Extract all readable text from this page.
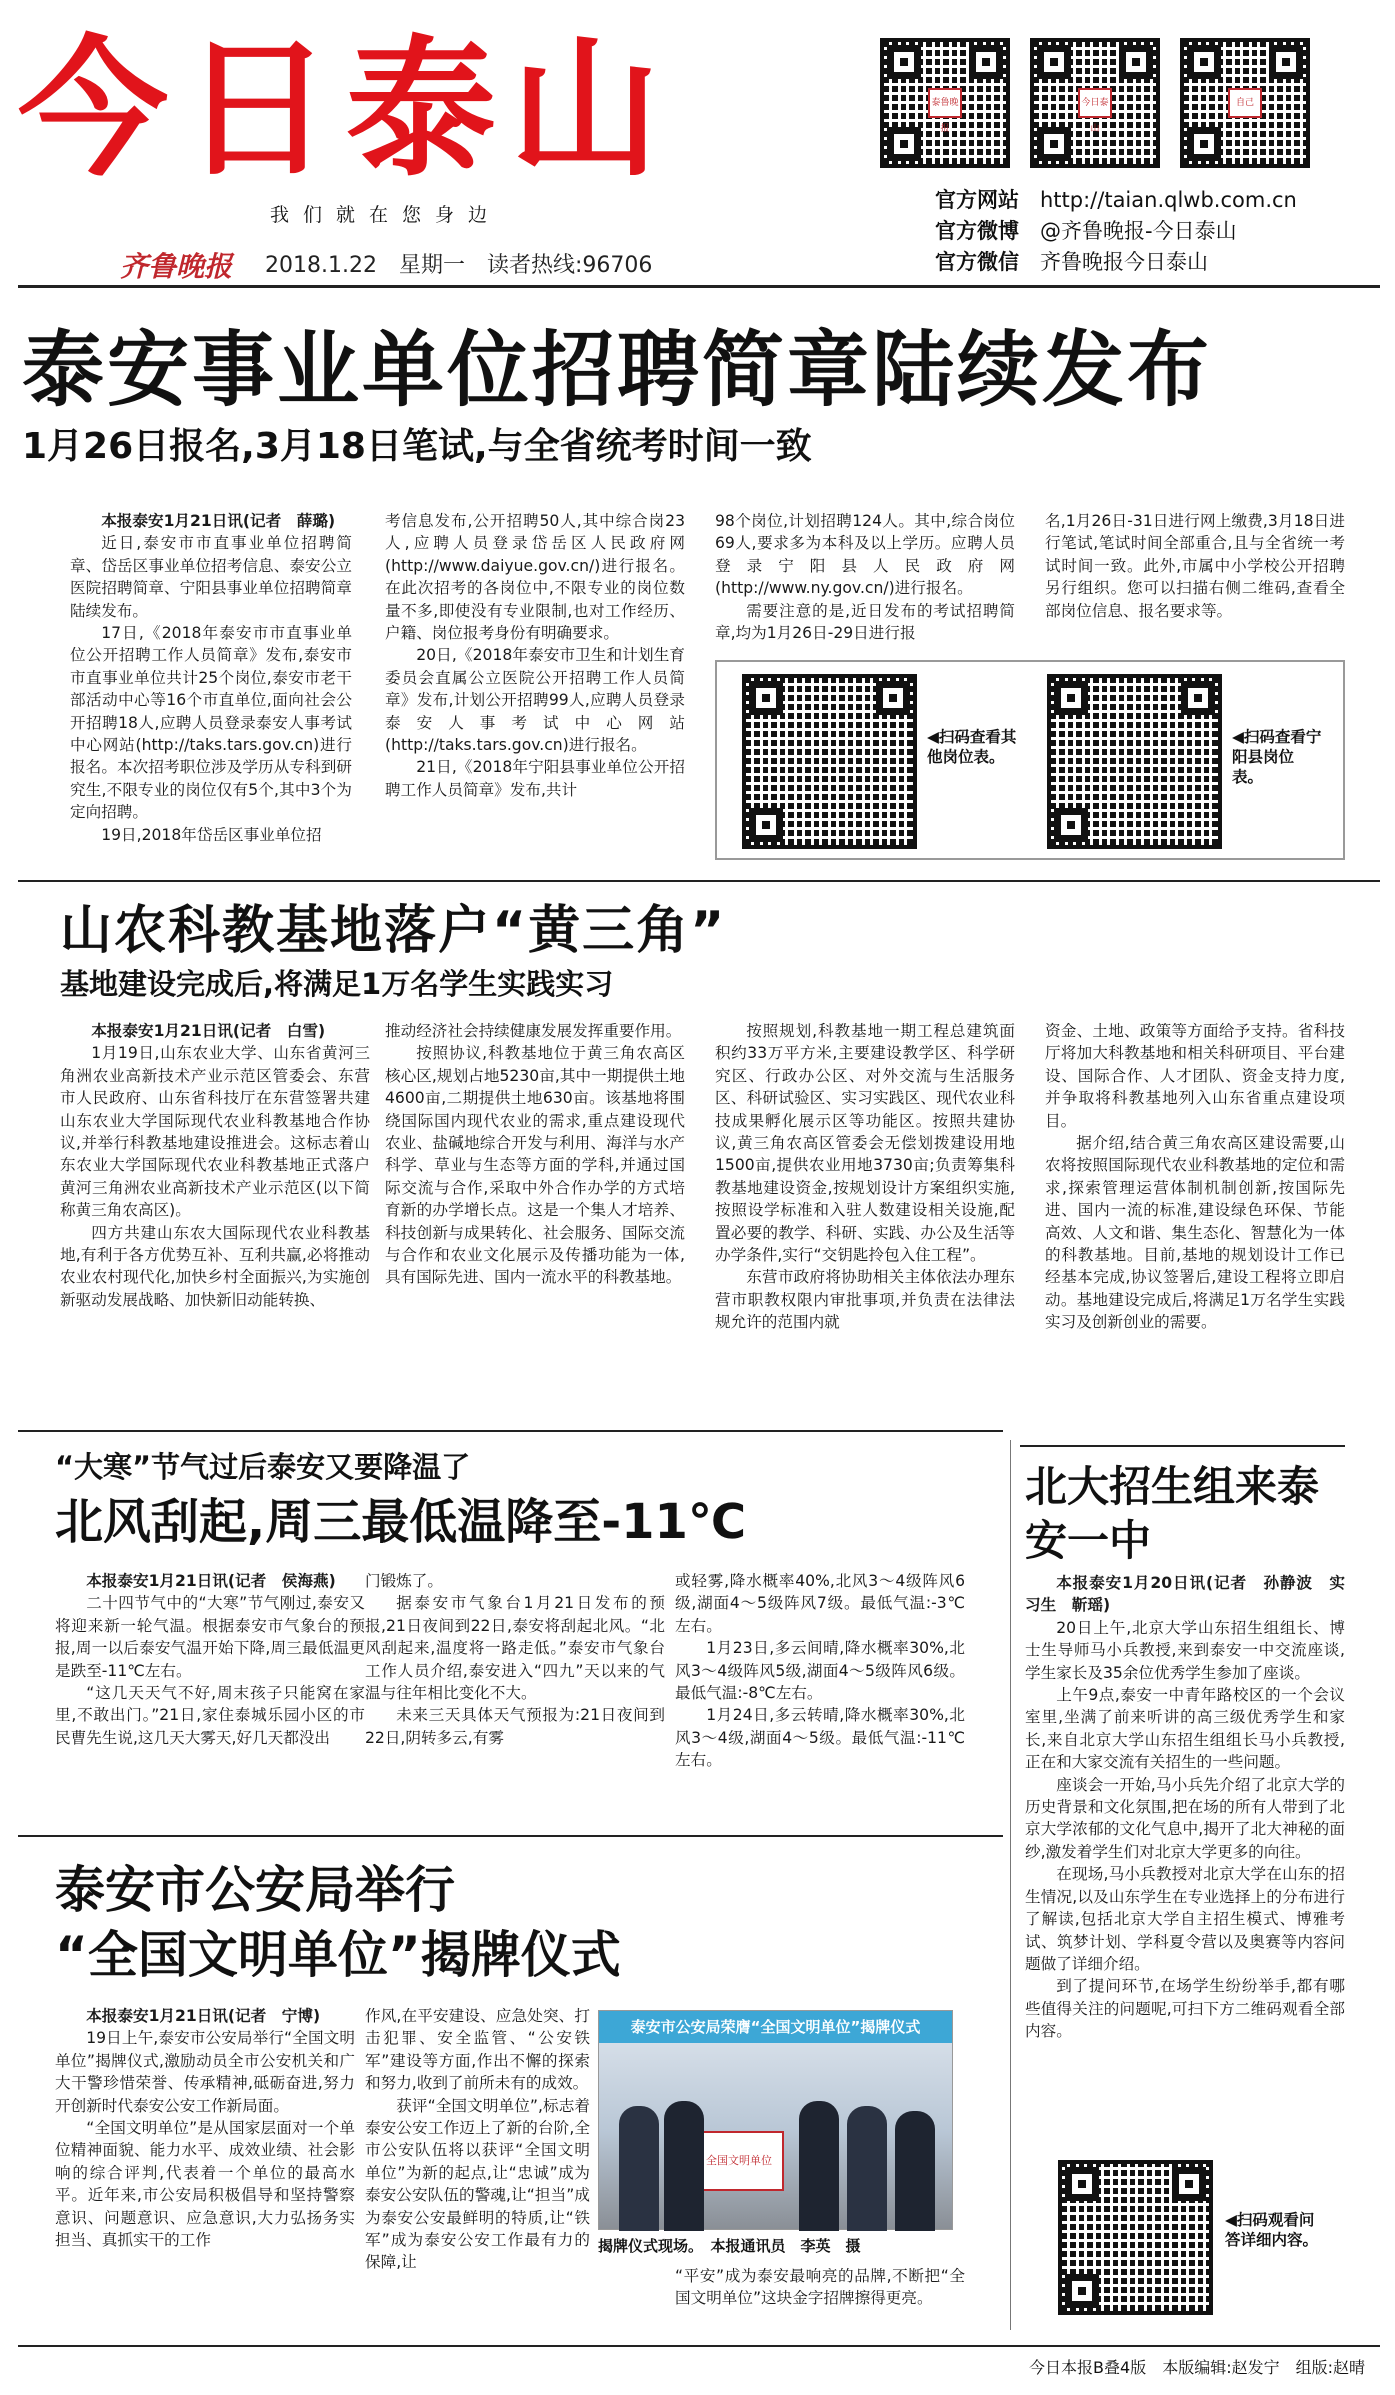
今日泰山
我们就在您身边
齐鲁晚报 2018.1.22　星期一　读者热线:96706
泰鲁晚报
今日泰山
自己
官方网站 http://taian.qlwb.com.cn
官方微博 @齐鲁晚报-今日泰山
官方微信 齐鲁晚报今日泰山
泰安事业单位招聘简章陆续发布
1月26日报名,3月18日笔试,与全省统考时间一致

本报泰安1月21日讯(记者　薛璐)

近日,泰安市市直事业单位招聘简章、岱岳区事业单位招考信息、泰安公立医院招聘简章、宁阳县事业单位招聘简章陆续发布。

17日,《2018年泰安市市直事业单位公开招聘工作人员简章》发布,泰安市市直事业单位共计25个岗位,泰安市老干部活动中心等16个市直单位,面向社会公开招聘18人,应聘人员登录泰安人事考试中心网站(http://taks.tars.gov.cn)进行报名。本次招考职位涉及学历从专科到研究生,不限专业的岗位仅有5个,其中3个为定向招聘。

19日,2018年岱岳区事业单位招

考信息发布,公开招聘50人,其中综合岗23人,应聘人员登录岱岳区人民政府网(http://www.daiyue.gov.cn/)进行报名。在此次招考的各岗位中,不限专业的岗位数量不多,即使没有专业限制,也对工作经历、户籍、岗位报考身份有明确要求。

20日,《2018年泰安市卫生和计划生育委员会直属公立医院公开招聘工作人员简章》发布,计划公开招聘99人,应聘人员登录泰安人事考试中心网站(http://taks.tars.gov.cn)进行报名。

21日,《2018年宁阳县事业单位公开招聘工作人员简章》发布,共计

98个岗位,计划招聘124人。其中,综合岗位69人,要求多为本科及以上学历。应聘人员登录宁阳县人民政府网(http://www.ny.gov.cn/)进行报名。

需要注意的是,近日发布的考试招聘简章,均为1月26日-29日进行报

名,1月26日-31日进行网上缴费,3月18日进行笔试,笔试时间全部重合,且与全省统一考试时间一致。此外,市属中小学校公开招聘另行组织。您可以扫描右侧二维码,查看全部岗位信息、报名要求等。

◀扫码查看其他岗位表。
◀扫码查看宁阳县岗位表。
山农科教基地落户“黄三角”
基地建设完成后,将满足1万名学生实践实习

本报泰安1月21日讯(记者　白雪)

1月19日,山东农业大学、山东省黄河三角洲农业高新技术产业示范区管委会、东营市人民政府、山东省科技厅在东营签署共建山东农业大学国际现代农业科教基地合作协议,并举行科教基地建设推进会。这标志着山东农业大学国际现代农业科教基地正式落户黄河三角洲农业高新技术产业示范区(以下简称黄三角农高区)。

四方共建山东农大国际现代农业科教基地,有利于各方优势互补、互利共赢,必将推动农业农村现代化,加快乡村全面振兴,为实施创新驱动发展战略、加快新旧动能转换、

推动经济社会持续健康发展发挥重要作用。

按照协议,科教基地位于黄三角农高区核心区,规划占地5230亩,其中一期提供土地4600亩,二期提供土地630亩。该基地将围绕国际国内现代农业的需求,重点建设现代农业、盐碱地综合开发与利用、海洋与水产科学、草业与生态等方面的学科,并通过国际交流与合作,采取中外合作办学的方式培育新的办学增长点。这是一个集人才培养、科技创新与成果转化、社会服务、国际交流与合作和农业文化展示及传播功能为一体,具有国际先进、国内一流水平的科教基地。

按照规划,科教基地一期工程总建筑面积约33万平方米,主要建设教学区、科学研究区、行政办公区、对外交流与生活服务区、科研试验区、实习实践区、现代农业科技成果孵化展示区等功能区。按照共建协议,黄三角农高区管委会无偿划拨建设用地1500亩,提供农业用地3730亩;负责筹集科教基地建设资金,按规划设计方案组织实施,按照设学标准和入驻人数建设相关设施,配置必要的教学、科研、实践、办公及生活等办学条件,实行“交钥匙拎包入住工程”。

东营市政府将协助相关主体依法办理东营市职教权限内审批事项,并负责在法律法规允许的范围内就

资金、土地、政策等方面给予支持。省科技厅将加大科教基地和相关科研项目、平台建设、国际合作、人才团队、资金支持力度,并争取将科教基地列入山东省重点建设项目。

据介绍,结合黄三角农高区建设需要,山农将按照国际现代农业科教基地的定位和需求,探索管理运营体制机制创新,按国际先进、国内一流的标准,建设绿色环保、节能高效、人文和谐、集生态化、智慧化为一体的科教基地。目前,基地的规划设计工作已经基本完成,协议签署后,建设工程将立即启动。基地建设完成后,将满足1万名学生实践实习及创新创业的需要。

“大寒”节气过后泰安又要降温了
北风刮起,周三最低温降至-11℃

本报泰安1月21日讯(记者　侯海燕)

二十四节气中的“大寒”节气刚过,泰安又将迎来新一轮气温。根据泰安市气象台的预报,周一以后泰安气温开始下降,周三最低温更是跌至-11℃左右。

“这几天天气不好,周末孩子只能窝在家里,不敢出门。”21日,家住泰城乐园小区的市民曹先生说,这几天大雾天,好几天都没出

门锻炼了。

据泰安市气象台1月21日发布的预报,21日夜间到22日,泰安将刮起北风。“北风刮起来,温度将一路走低。”泰安市气象台工作人员介绍,泰安进入“四九”天以来的气温与往年相比变化不大。

未来三天具体天气预报为:21日夜间到22日,阴转多云,有雾

或轻雾,降水概率40%,北风3～4级阵风6级,湖面4～5级阵风7级。最低气温:-3℃左右。

1月23日,多云间晴,降水概率30%,北风3～4级阵风5级,湖面4～5级阵风6级。最低气温:-8℃左右。

1月24日,多云转晴,降水概率30%,北风3～4级,湖面4～5级。最低气温:-11℃左右。

北大招生组来泰安一中

本报泰安1月20日讯(记者　孙静波　实习生　靳瑶)

20日上午,北京大学山东招生组组长、博士生导师马小兵教授,来到泰安一中交流座谈,学生家长及35余位优秀学生参加了座谈。

上午9点,泰安一中青年路校区的一个会议室里,坐满了前来听讲的高三级优秀学生和家长,来自北京大学山东招生组组长马小兵教授,正在和大家交流有关招生的一些问题。

座谈会一开始,马小兵先介绍了北京大学的历史背景和文化氛围,把在场的所有人带到了北京大学浓郁的文化气息中,揭开了北大神秘的面纱,激发着学生们对北京大学更多的向往。

在现场,马小兵教授对北京大学在山东的招生情况,以及山东学生在专业选择上的分布进行了解读,包括北京大学自主招生模式、博雅考试、筑梦计划、学科夏令营以及奥赛等内容问题做了详细介绍。

到了提问环节,在场学生纷纷举手,都有哪些值得关注的问题呢,可扫下方二维码观看全部内容。

◀扫码观看问答详细内容。
泰安市公安局举行
“全国文明单位”揭牌仪式

本报泰安1月21日讯(记者　宁博)

19日上午,泰安市公安局举行“全国文明单位”揭牌仪式,激励动员全市公安机关和广大干警珍惜荣誉、传承精神,砥砺奋进,努力开创新时代泰安公安工作新局面。

“全国文明单位”是从国家层面对一个单位精神面貌、能力水平、成效业绩、社会影响的综合评判,代表着一个单位的最高水平。近年来,市公安局积极倡导和坚持警察意识、问题意识、应急意识,大力弘扬务实担当、真抓实干的工作

作风,在平安建设、应急处突、打击犯罪、安全监管、“公安铁军”建设等方面,作出不懈的探索和努力,收到了前所未有的成效。

获评“全国文明单位”,标志着泰安公安工作迈上了新的台阶,全市公安队伍将以获评“全国文明单位”为新的起点,让“忠诚”成为泰安公安队伍的警魂,让“担当”成为泰安公安最鲜明的特质,让“铁军”成为泰安公安工作最有力的保障,让

泰安市公安局荣膺“全国文明单位”揭牌仪式
全国文明单位
揭牌仪式现场。　本报通讯员　李英　摄

“平安”成为泰安最响亮的品牌,不断把“全国文明单位”这块金字招牌擦得更亮。

今日本报B叠4版　本版编辑:赵发宁　组版:赵晴
